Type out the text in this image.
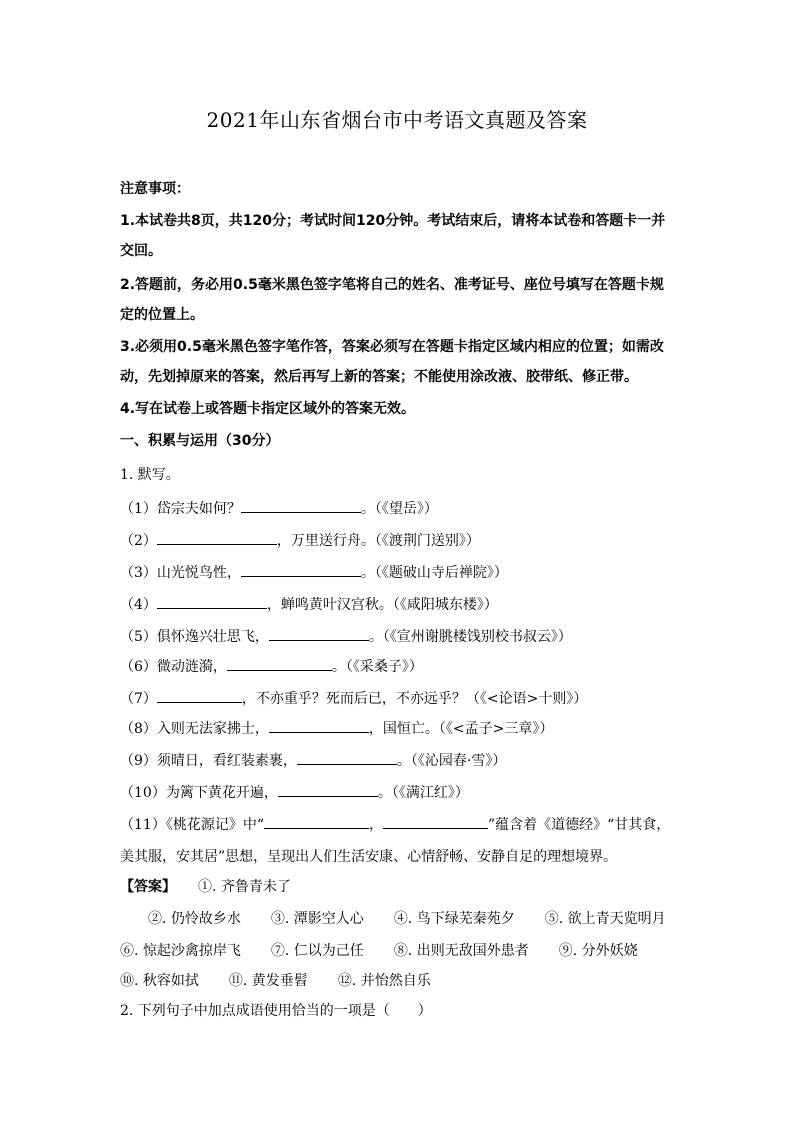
2021年山东省烟台市中考语文真题及答案
注意事项：
1.本试卷共8页，共120分；考试时间120分钟。考试结束后，请将本试卷和答题卡一并
交回。
2.答题前，务必用0.5毫米黑色签字笔将自己的姓名、准考证号、座位号填写在答题卡规
定的位置上。
3.必须用0.5毫米黑色签字笔作答，答案必须写在答题卡指定区域内相应的位置；如需改
动，先划掉原来的答案，然后再写上新的答案；不能使用涂改液、胶带纸、修正带。
4.写在试卷上或答题卡指定区域外的答案无效。
一、积累与运用（30分）
1. 默写。
（1）岱宗夫如何？	。（《望岳》）
（2）	，万里送行舟。（《渡荆门送别》）
（3）山光悦鸟性，	。（《题破山寺后禅院》）
（4）	，蝉鸣黄叶汉宫秋。（《咸阳城东楼》）
（5）俱怀逸兴壮思飞，	。（《宣州谢朓楼饯别校书叔云》）
（6）微动涟漪，	。（《采桑子》）
（7）	，不亦重乎？死而后已，不亦远乎？（《<论语>十则》）
（8）入则无法家拂士，	，国恒亡。（《<孟子>三章》）
（9）须晴日，看红装素裹，	。（《沁园春·雪》）
（10）为篱下黄花开遍，	。（《满江红》）
（11）《桃花源记》中“	，	”蕴含着《道德经》“甘其食，
美其服，安其居”思想，呈现出人们生活安康、心情舒畅、安静自足的理想境界。
【答案】 ①. 齐鲁青未了
②. 仍怜故乡水 ③. 潭影空人心 ④. 鸟下绿芜秦苑夕 ⑤. 欲上青天览明月
⑥. 惊起沙禽掠岸飞 ⑦. 仁以为己任 ⑧. 出则无敌国外患者 ⑨. 分外妖娆
⑩. 秋容如拭 ⑪. 黄发垂髫 ⑫. 并怡然自乐
2. 下列句子中加点成语使用恰当的一项是（　　）
